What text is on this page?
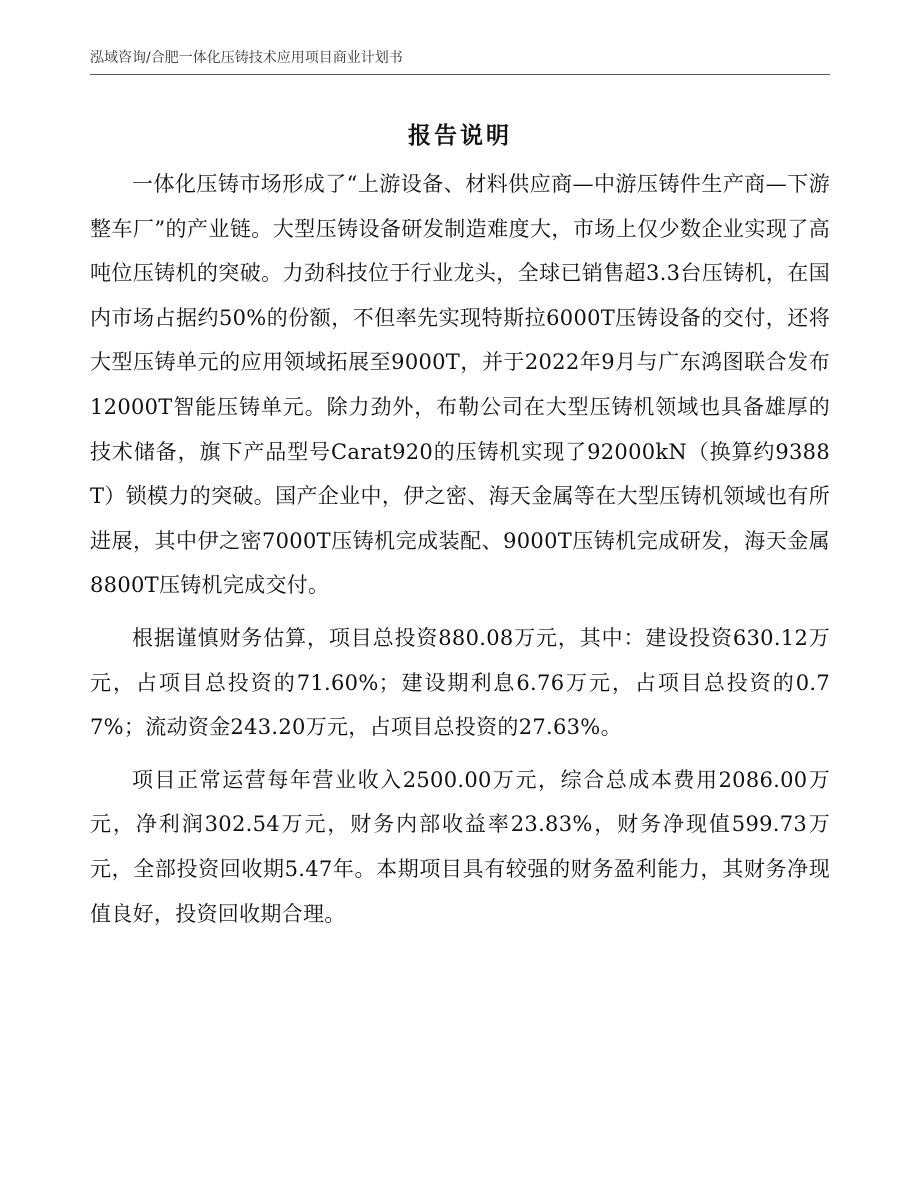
泓域咨询/合肥一体化压铸技术应用项目商业计划书
报告说明

一体化压铸市场形成了“上游设备、材料供应商—中游压铸件生产商—下游整车厂”的产业链。大型压铸设备研发制造难度大，市场上仅少数企业实现了高吨位压铸机的突破。力劲科技位于行业龙头，全球已销售超3.3台压铸机，在国内市场占据约50%的份额，不但率先实现特斯拉6000T压铸设备的交付，还将大型压铸单元的应用领域拓展至9000T，并于2022年9月与广东鸿图联合发布12000T智能压铸单元。除力劲外，布勒公司在大型压铸机领域也具备雄厚的技术储备，旗下产品型号Carat920的压铸机实现了92000kN（换算约9388T）锁模力的突破。国产企业中，伊之密、海天金属等在大型压铸机领域也有所进展，其中伊之密7000T压铸机完成装配、9000T压铸机完成研发，海天金属8800T压铸机完成交付。

根据谨慎财务估算，项目总投资880.08万元，其中：建设投资630.12万元，占项目总投资的71.60%；建设期利息6.76万元，占项目总投资的0.77%；流动资金243.20万元，占项目总投资的27.63%。

项目正常运营每年营业收入2500.00万元，综合总成本费用2086.00万元，净利润302.54万元，财务内部收益率23.83%，财务净现值599.73万元，全部投资回收期5.47年。本期项目具有较强的财务盈利能力，其财务净现值良好，投资回收期合理。
